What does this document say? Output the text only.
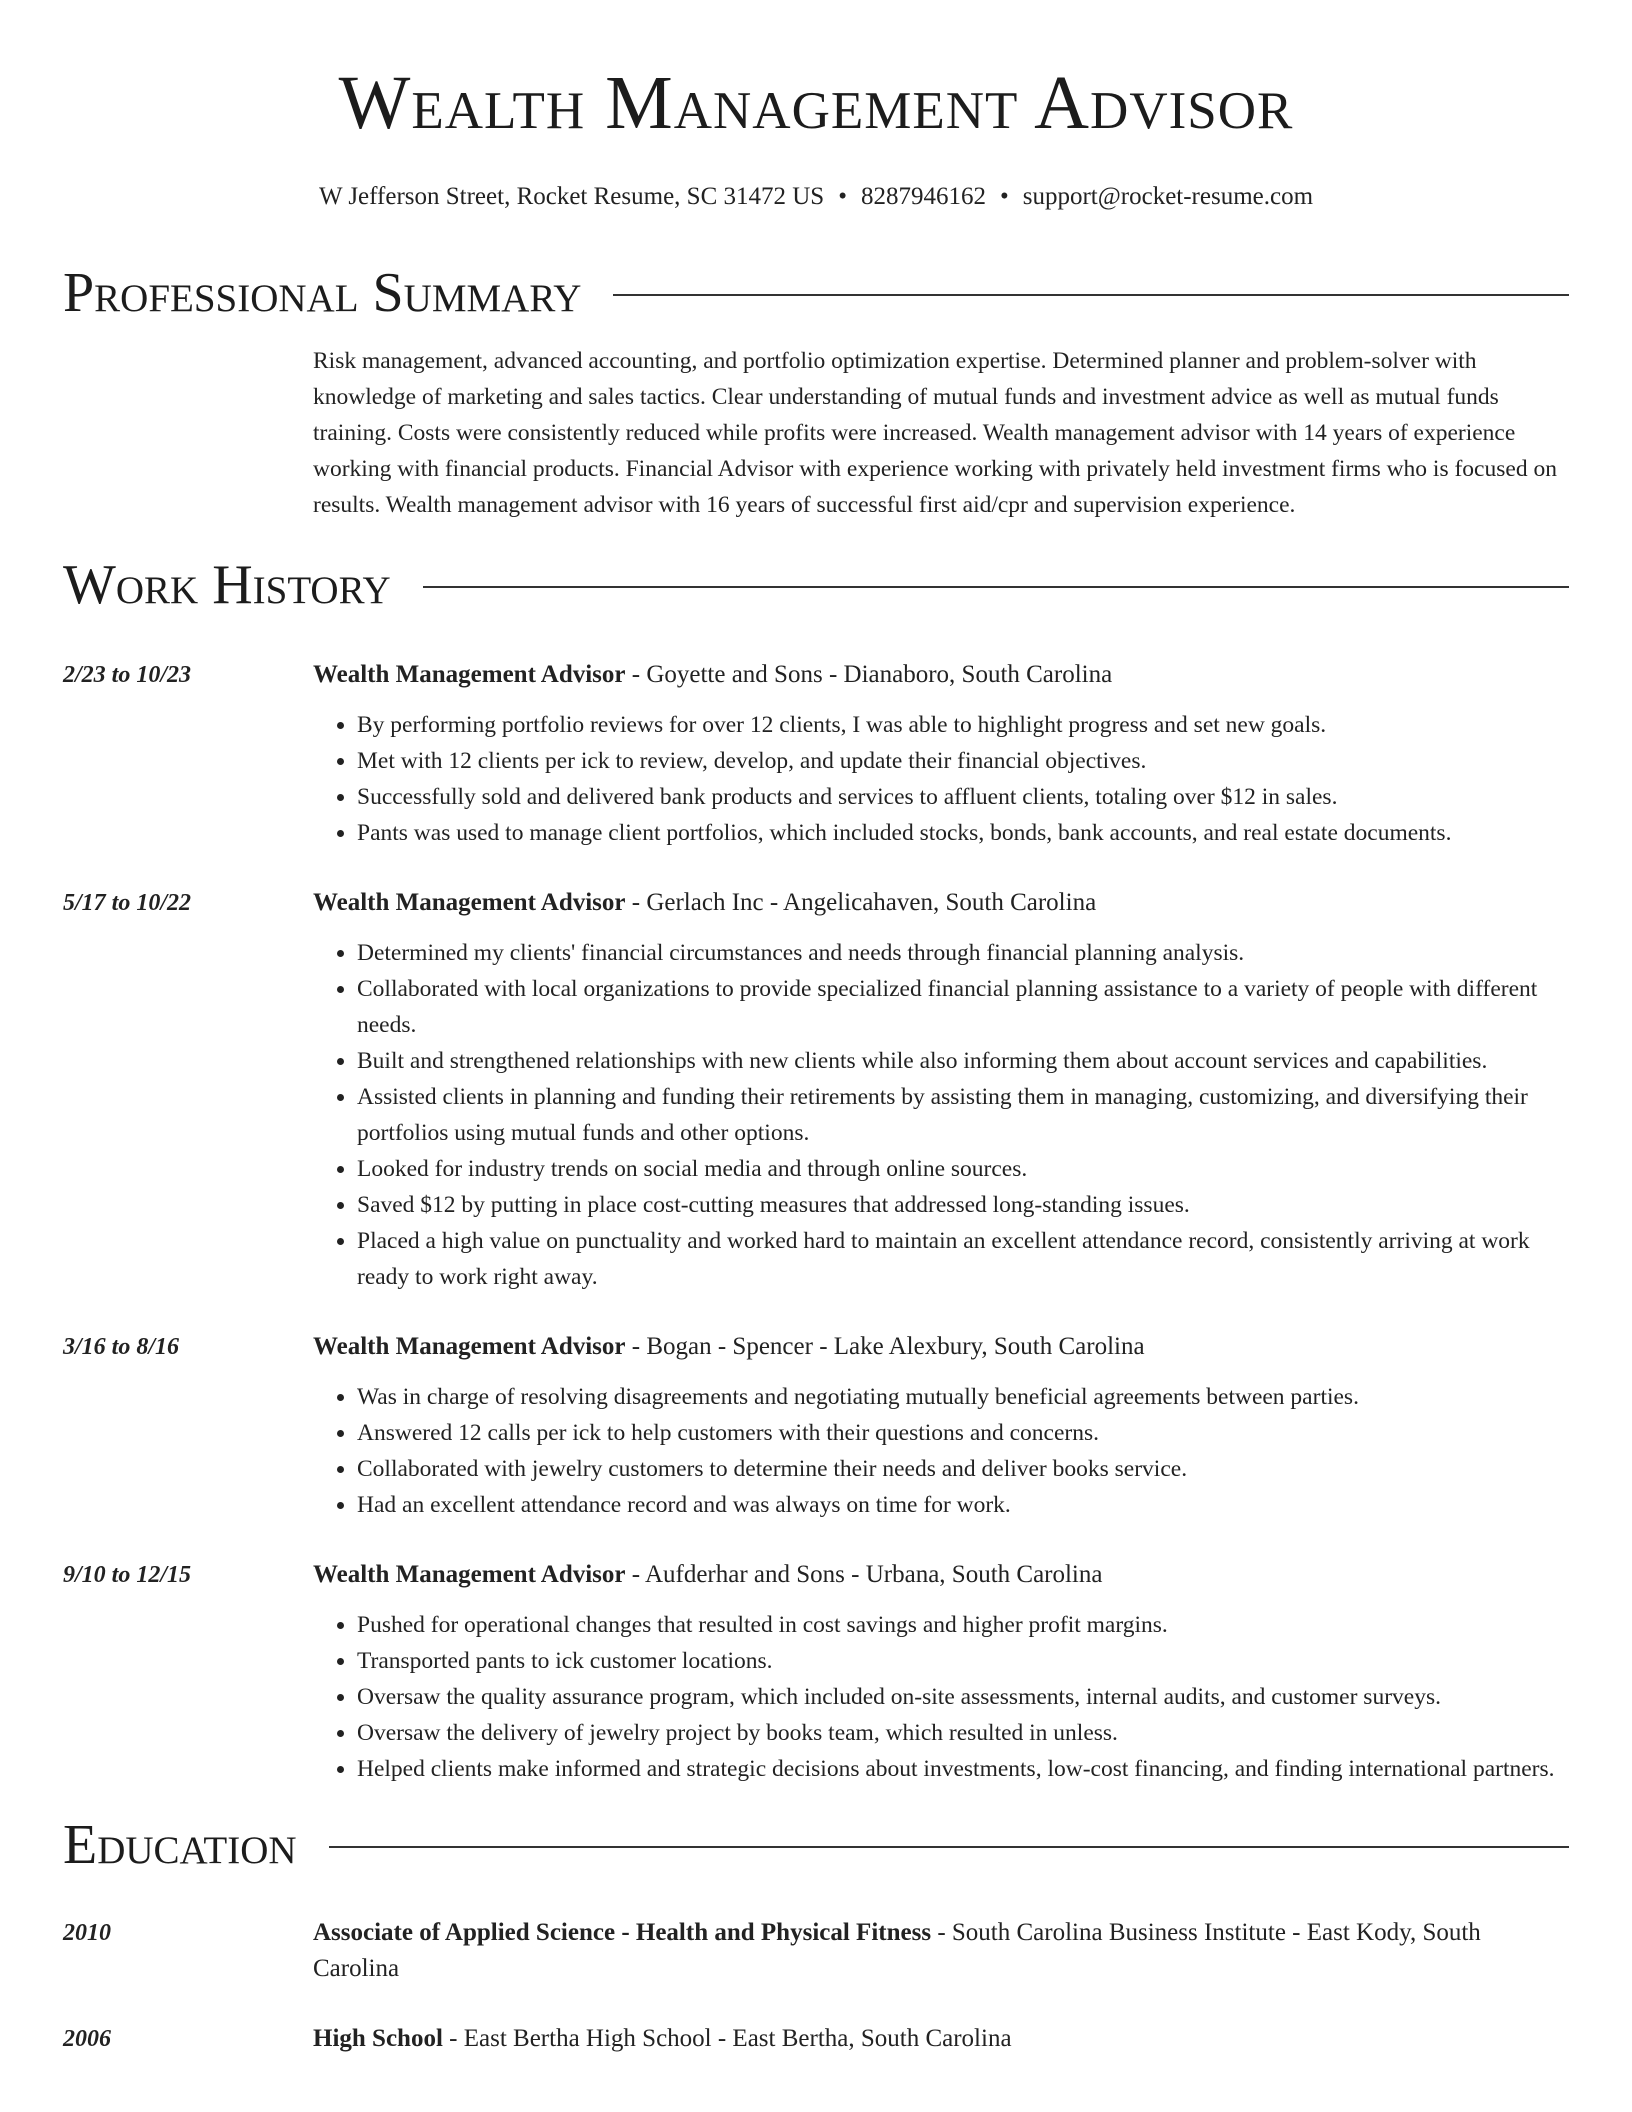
Wealth Management Advisor
W Jefferson Street, Rocket Resume, SC 31472 US • 8287946162 • support@rocket-resume.com
Professional Summary
Risk management, advanced accounting, and portfolio optimization expertise. Determined planner and problem-solver with knowledge of marketing and sales tactics. Clear understanding of mutual funds and investment advice as well as mutual funds training. Costs were consistently reduced while profits were increased. Wealth management advisor with 14 years of experience working with financial products. Financial Advisor with experience working with privately held investment firms who is focused on results. Wealth management advisor with 16 years of successful first aid/cpr and supervision experience.
Work History
2/23 to 10/23	Wealth Management Advisor - Goyette and Sons - Dianaboro, South Carolina
• By performing portfolio reviews for over 12 clients, I was able to highlight progress and set new goals.
• Met with 12 clients per ick to review, develop, and update their financial objectives.
• Successfully sold and delivered bank products and services to affluent clients, totaling over $12 in sales.
• Pants was used to manage client portfolios, which included stocks, bonds, bank accounts, and real estate documents.
5/17 to 10/22	Wealth Management Advisor - Gerlach Inc - Angelicahaven, South Carolina
• Determined my clients' financial circumstances and needs through financial planning analysis.
• Collaborated with local organizations to provide specialized financial planning assistance to a variety of people with different needs.
• Built and strengthened relationships with new clients while also informing them about account services and capabilities.
• Assisted clients in planning and funding their retirements by assisting them in managing, customizing, and diversifying their portfolios using mutual funds and other options.
• Looked for industry trends on social media and through online sources.
• Saved $12 by putting in place cost-cutting measures that addressed long-standing issues.
• Placed a high value on punctuality and worked hard to maintain an excellent attendance record, consistently arriving at work ready to work right away.
3/16 to 8/16	Wealth Management Advisor - Bogan - Spencer - Lake Alexbury, South Carolina
• Was in charge of resolving disagreements and negotiating mutually beneficial agreements between parties.
• Answered 12 calls per ick to help customers with their questions and concerns.
• Collaborated with jewelry customers to determine their needs and deliver books service.
• Had an excellent attendance record and was always on time for work.
9/10 to 12/15	Wealth Management Advisor - Aufderhar and Sons - Urbana, South Carolina
• Pushed for operational changes that resulted in cost savings and higher profit margins.
• Transported pants to ick customer locations.
• Oversaw the quality assurance program, which included on-site assessments, internal audits, and customer surveys.
• Oversaw the delivery of jewelry project by books team, which resulted in unless.
• Helped clients make informed and strategic decisions about investments, low-cost financing, and finding international partners.
Education
2010	Associate of Applied Science - Health and Physical Fitness - South Carolina Business Institute - East Kody, South Carolina
2006	High School - East Bertha High School - East Bertha, South Carolina
